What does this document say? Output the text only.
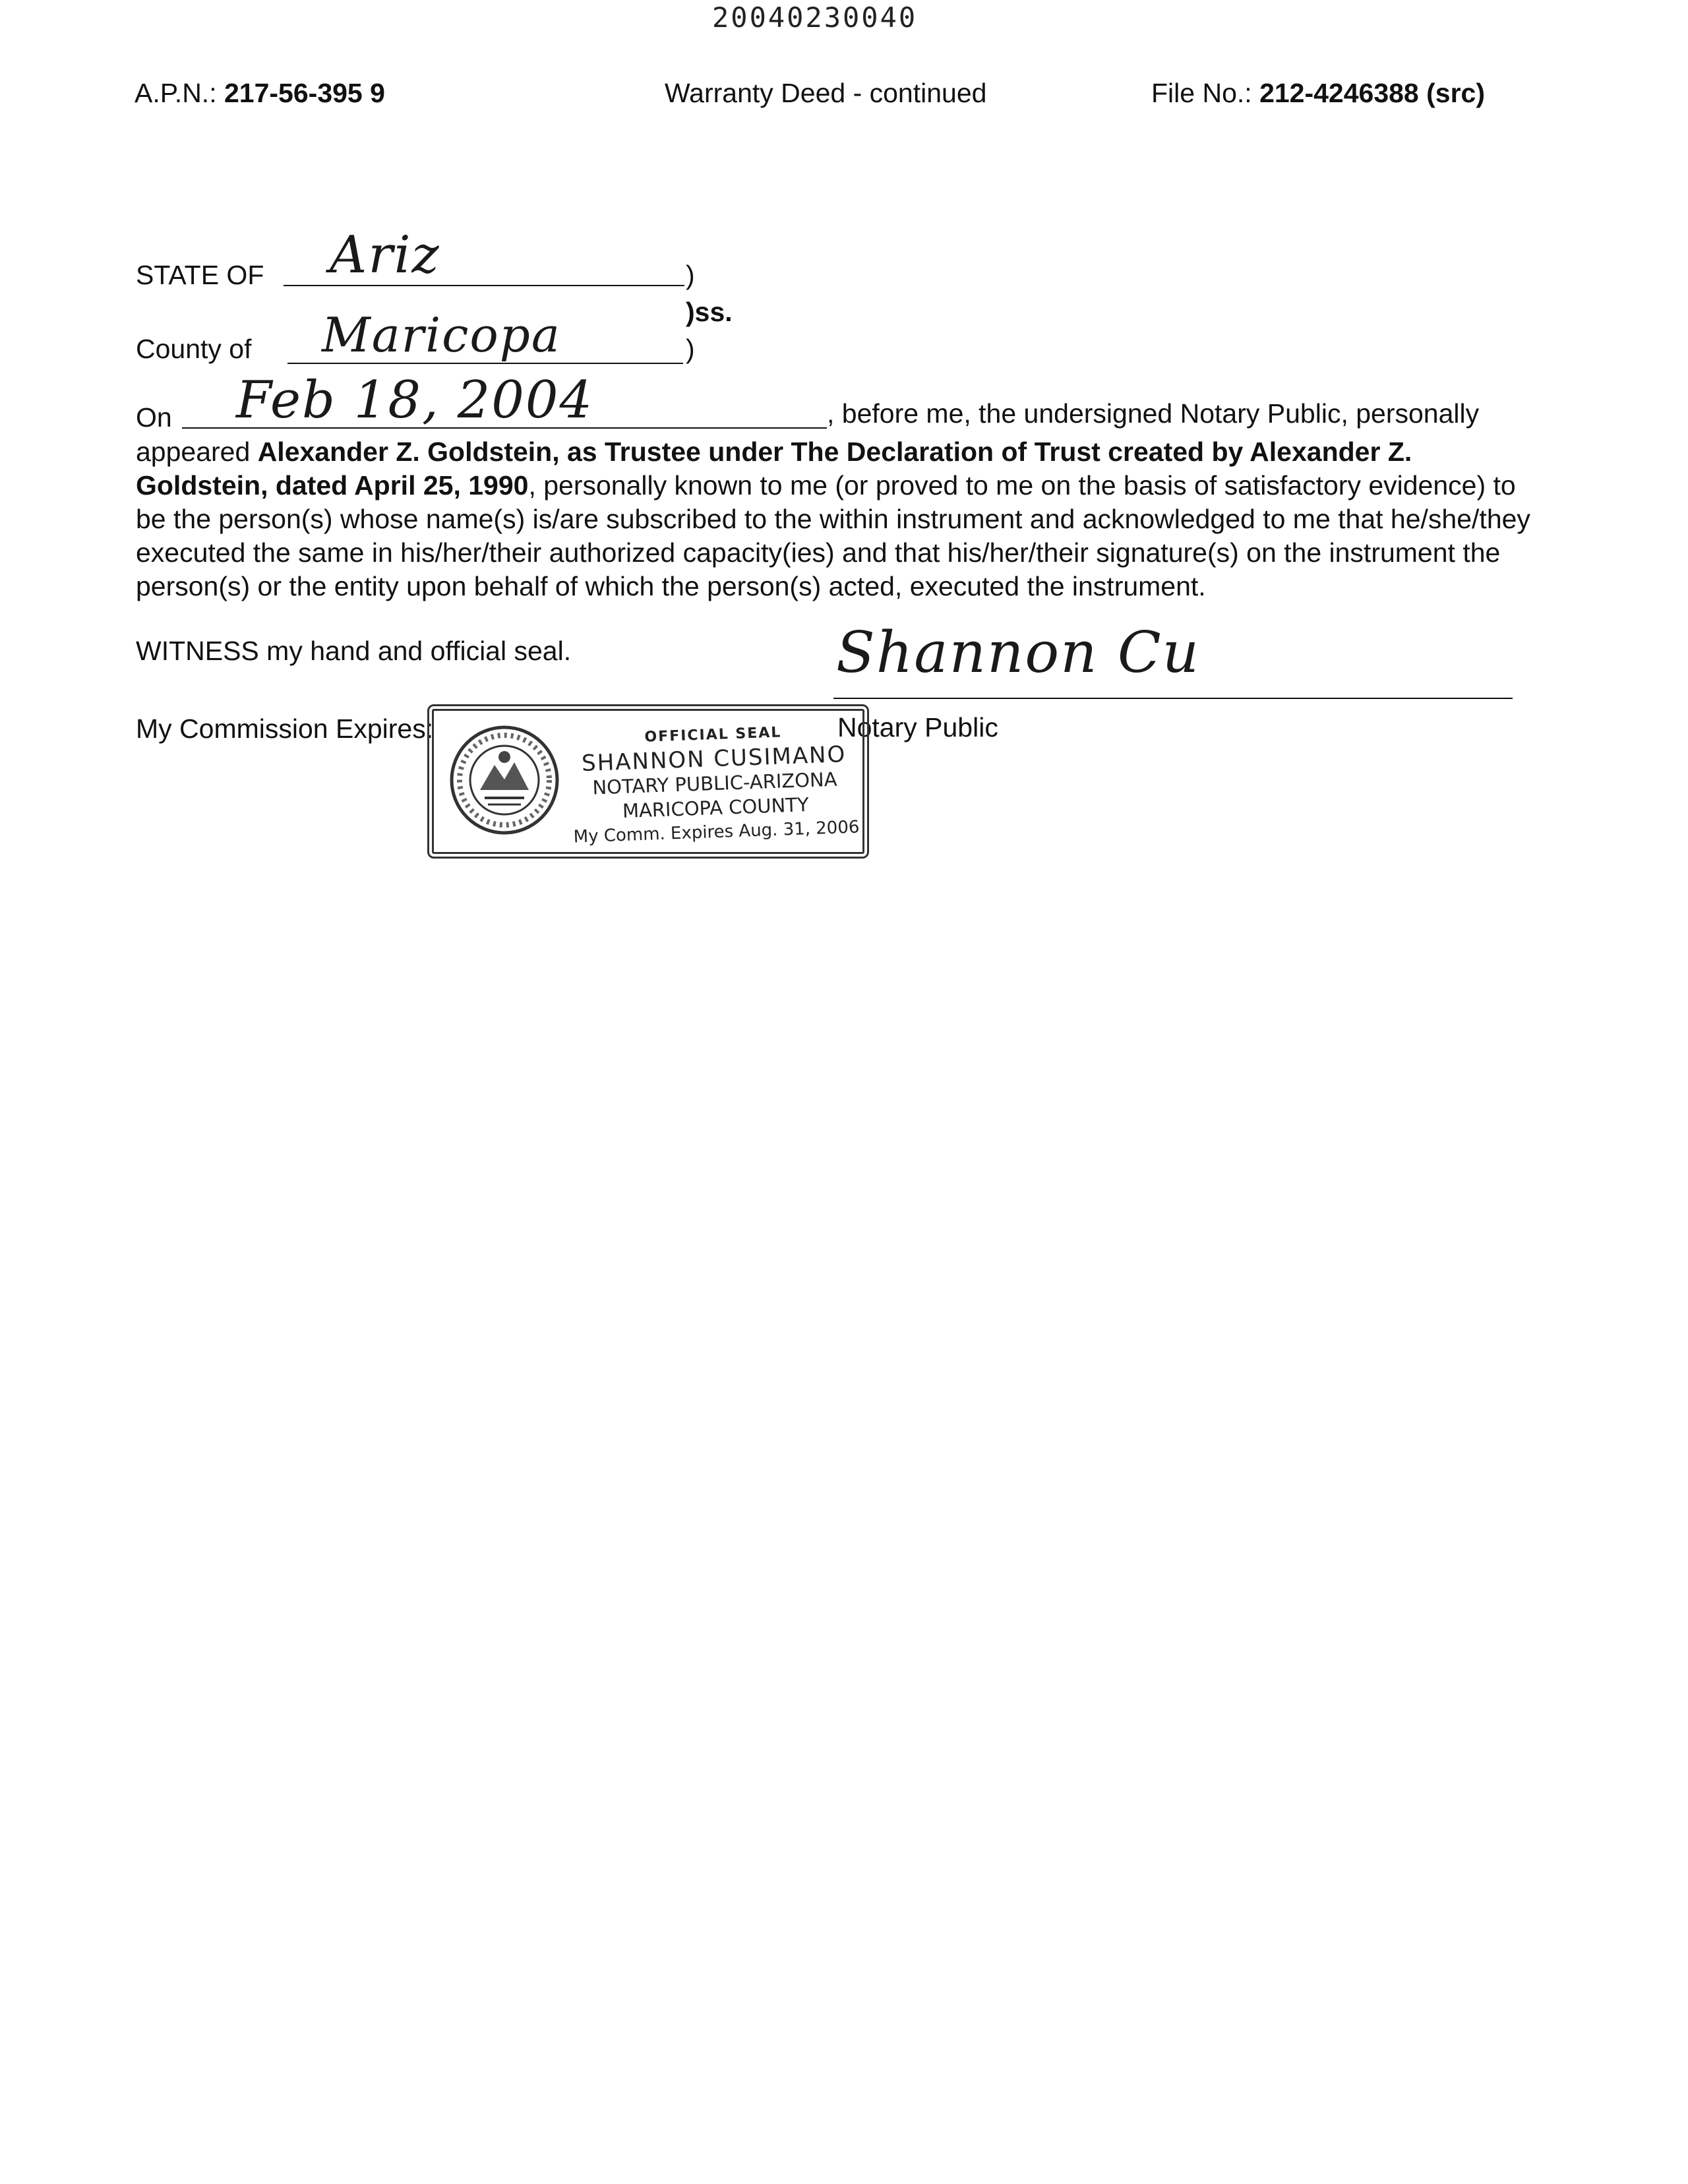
20040230040
A.P.N.: 217-56-395 9	Warranty Deed - continued	File No.: 212-4246388 (src)
STATE OF Ariz	)
)ss.
County of Maricopa	)
On Feb 18, 2004	, before me, the undersigned Notary Public, personally

appeared Alexander Z. Goldstein, as Trustee under The Declaration of Trust created by Alexander Z. Goldstein, dated April 25, 1990, personally known to me (or proved to me on the basis of satisfactory evidence) to be the person(s) whose name(s) is/are subscribed to the within instrument and acknowledged to me that he/she/they executed the same in his/her/their authorized capacity(ies) and that his/her/their signature(s) on the instrument the person(s) or the entity upon behalf of which the person(s) acted, executed the instrument.

WITNESS my hand and official seal.	Shannon Cu
My Commission Expires:	Notary Public
OFFICIAL SEAL
SHANNON CUSIMANO
NOTARY PUBLIC-ARIZONA
MARICOPA COUNTY
My Comm. Expires Aug. 31, 2006
